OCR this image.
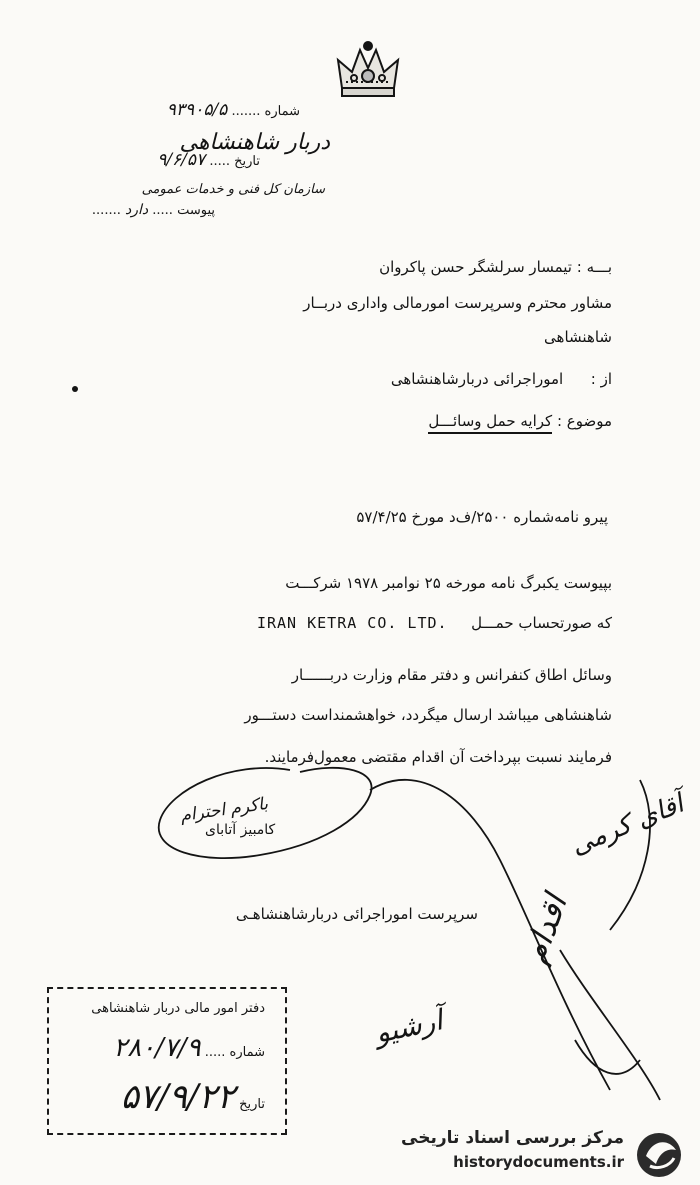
دربار شاهنشاهی
سازمان کل فنی و خدمات عمومی
شماره ....... ۹۳۹۰۵/۵
تاریخ ..... ۹/۶/۵۷
پیوست ..... دارد .......
بـــه : تیمسار سرلشگر حسن پاکروان
مشاور محترم وسرپرست امورمالی واداری دربــار
شاهنشاهی
از :  اموراجرائی دربارشاهنشاهی
موضوع : کرایه حمل وسائـــل
پیرو نامه‌شماره ۲۵۰۰/ف‌د مورخ ۵۷/۴/۲۵
بپیوست یکبرگ نامه مورخه ۲۵ نوامبر ۱۹۷۸ شرکـــت
که صورتحساب حمـــل  IRAN KETRA CO. LTD.
وسائل اطاق کنفرانس و دفتر مقام وزارت دربــــــار
شاهنشاهی میباشد ارسال میگردد، خواهشمنداست دستـــور
فرمایند نسبت بپرداخت آن اقدام مقتضی معمول‌فرمایند.
باکرم احترام
کامبیز آتابای
سرپرست اموراجرائی دربارشاهنشاهـی
آقای کرمی
اقدام
آرشیو
دفتر امور مالی دربار شاهنشاهی
شماره ..... ۲۸۰/۷/۹
تاریخ ۵۷/۹/۲۲
مرکز بررسی اسناد تاریخی
historydocuments.ir
